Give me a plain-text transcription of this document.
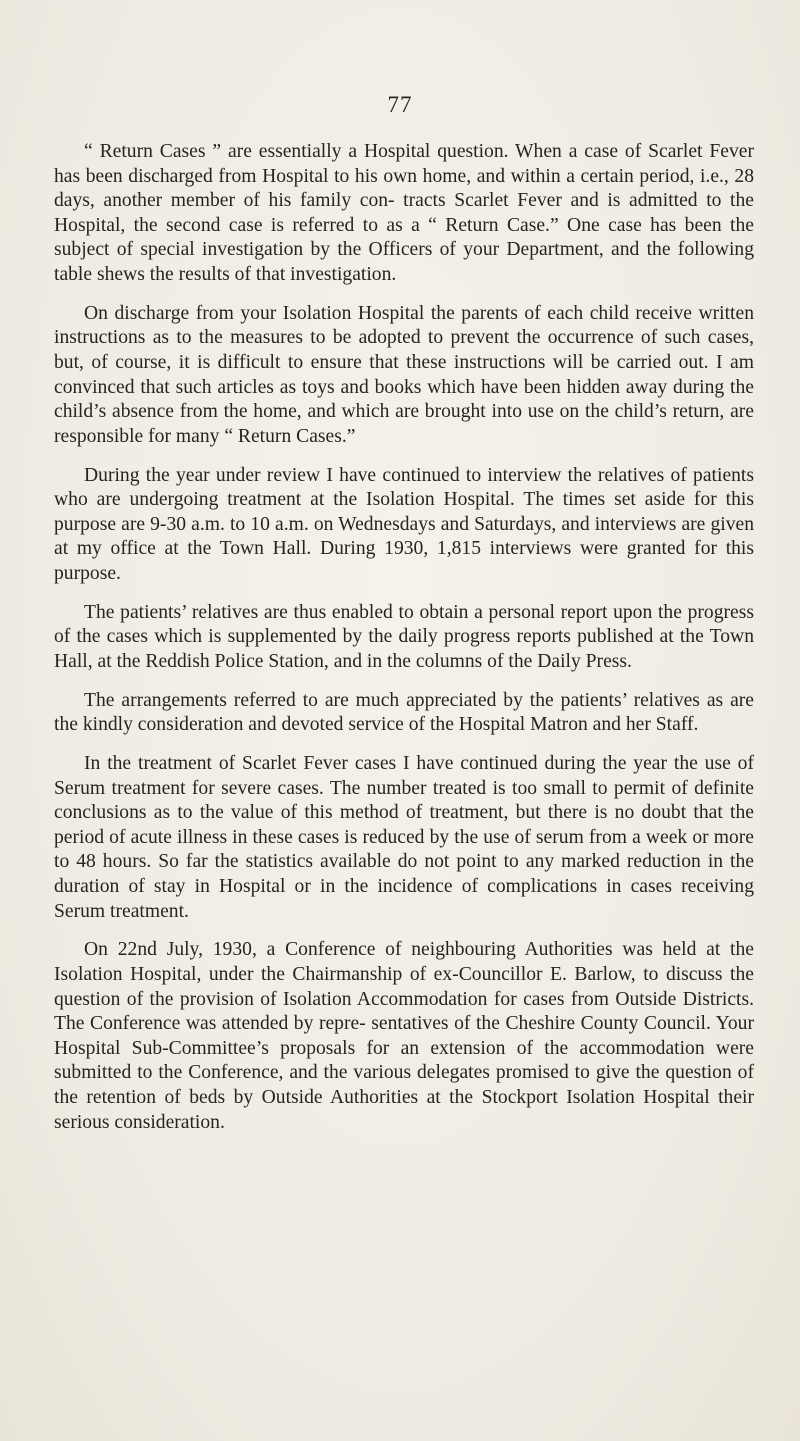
77

“ Return Cases ” are essentially a Hospital question. When a case of Scarlet Fever has been discharged from Hospital to his own home, and within a certain period, i.e., 28 days, another member of his family con- tracts Scarlet Fever and is admitted to the Hospital, the second case is referred to as a “ Return Case.” One case has been the subject of special investigation by the Officers of your Department, and the following table shews the results of that investigation.

On discharge from your Isolation Hospital the parents of each child receive written instructions as to the measures to be adopted to prevent the occurrence of such cases, but, of course, it is difficult to ensure that these instructions will be carried out. I am convinced that such articles as toys and books which have been hidden away during the child’s absence from the home, and which are brought into use on the child’s return, are responsible for many “ Return Cases.”

During the year under review I have continued to interview the relatives of patients who are undergoing treatment at the Isolation Hospital. The times set aside for this purpose are 9-30 a.m. to 10 a.m. on Wednesdays and Saturdays, and interviews are given at my office at the Town Hall. During 1930, 1,815 interviews were granted for this purpose.

The patients’ relatives are thus enabled to obtain a personal report upon the progress of the cases which is supplemented by the daily progress reports published at the Town Hall, at the Reddish Police Station, and in the columns of the Daily Press.

The arrangements referred to are much appreciated by the patients’ relatives as are the kindly consideration and devoted service of the Hospital Matron and her Staff.

In the treatment of Scarlet Fever cases I have continued during the year the use of Serum treatment for severe cases. The number treated is too small to permit of definite conclusions as to the value of this method of treatment, but there is no doubt that the period of acute illness in these cases is reduced by the use of serum from a week or more to 48 hours. So far the statistics available do not point to any marked reduction in the duration of stay in Hospital or in the incidence of complications in cases receiving Serum treatment.

On 22nd July, 1930, a Conference of neighbouring Authorities was held at the Isolation Hospital, under the Chairmanship of ex-Councillor E. Barlow, to discuss the question of the provision of Isolation Accommodation for cases from Outside Districts. The Conference was attended by repre- sentatives of the Cheshire County Council. Your Hospital Sub-Committee’s proposals for an extension of the accommodation were submitted to the Conference, and the various delegates promised to give the question of the retention of beds by Outside Authorities at the Stockport Isolation Hospital their serious consideration.
